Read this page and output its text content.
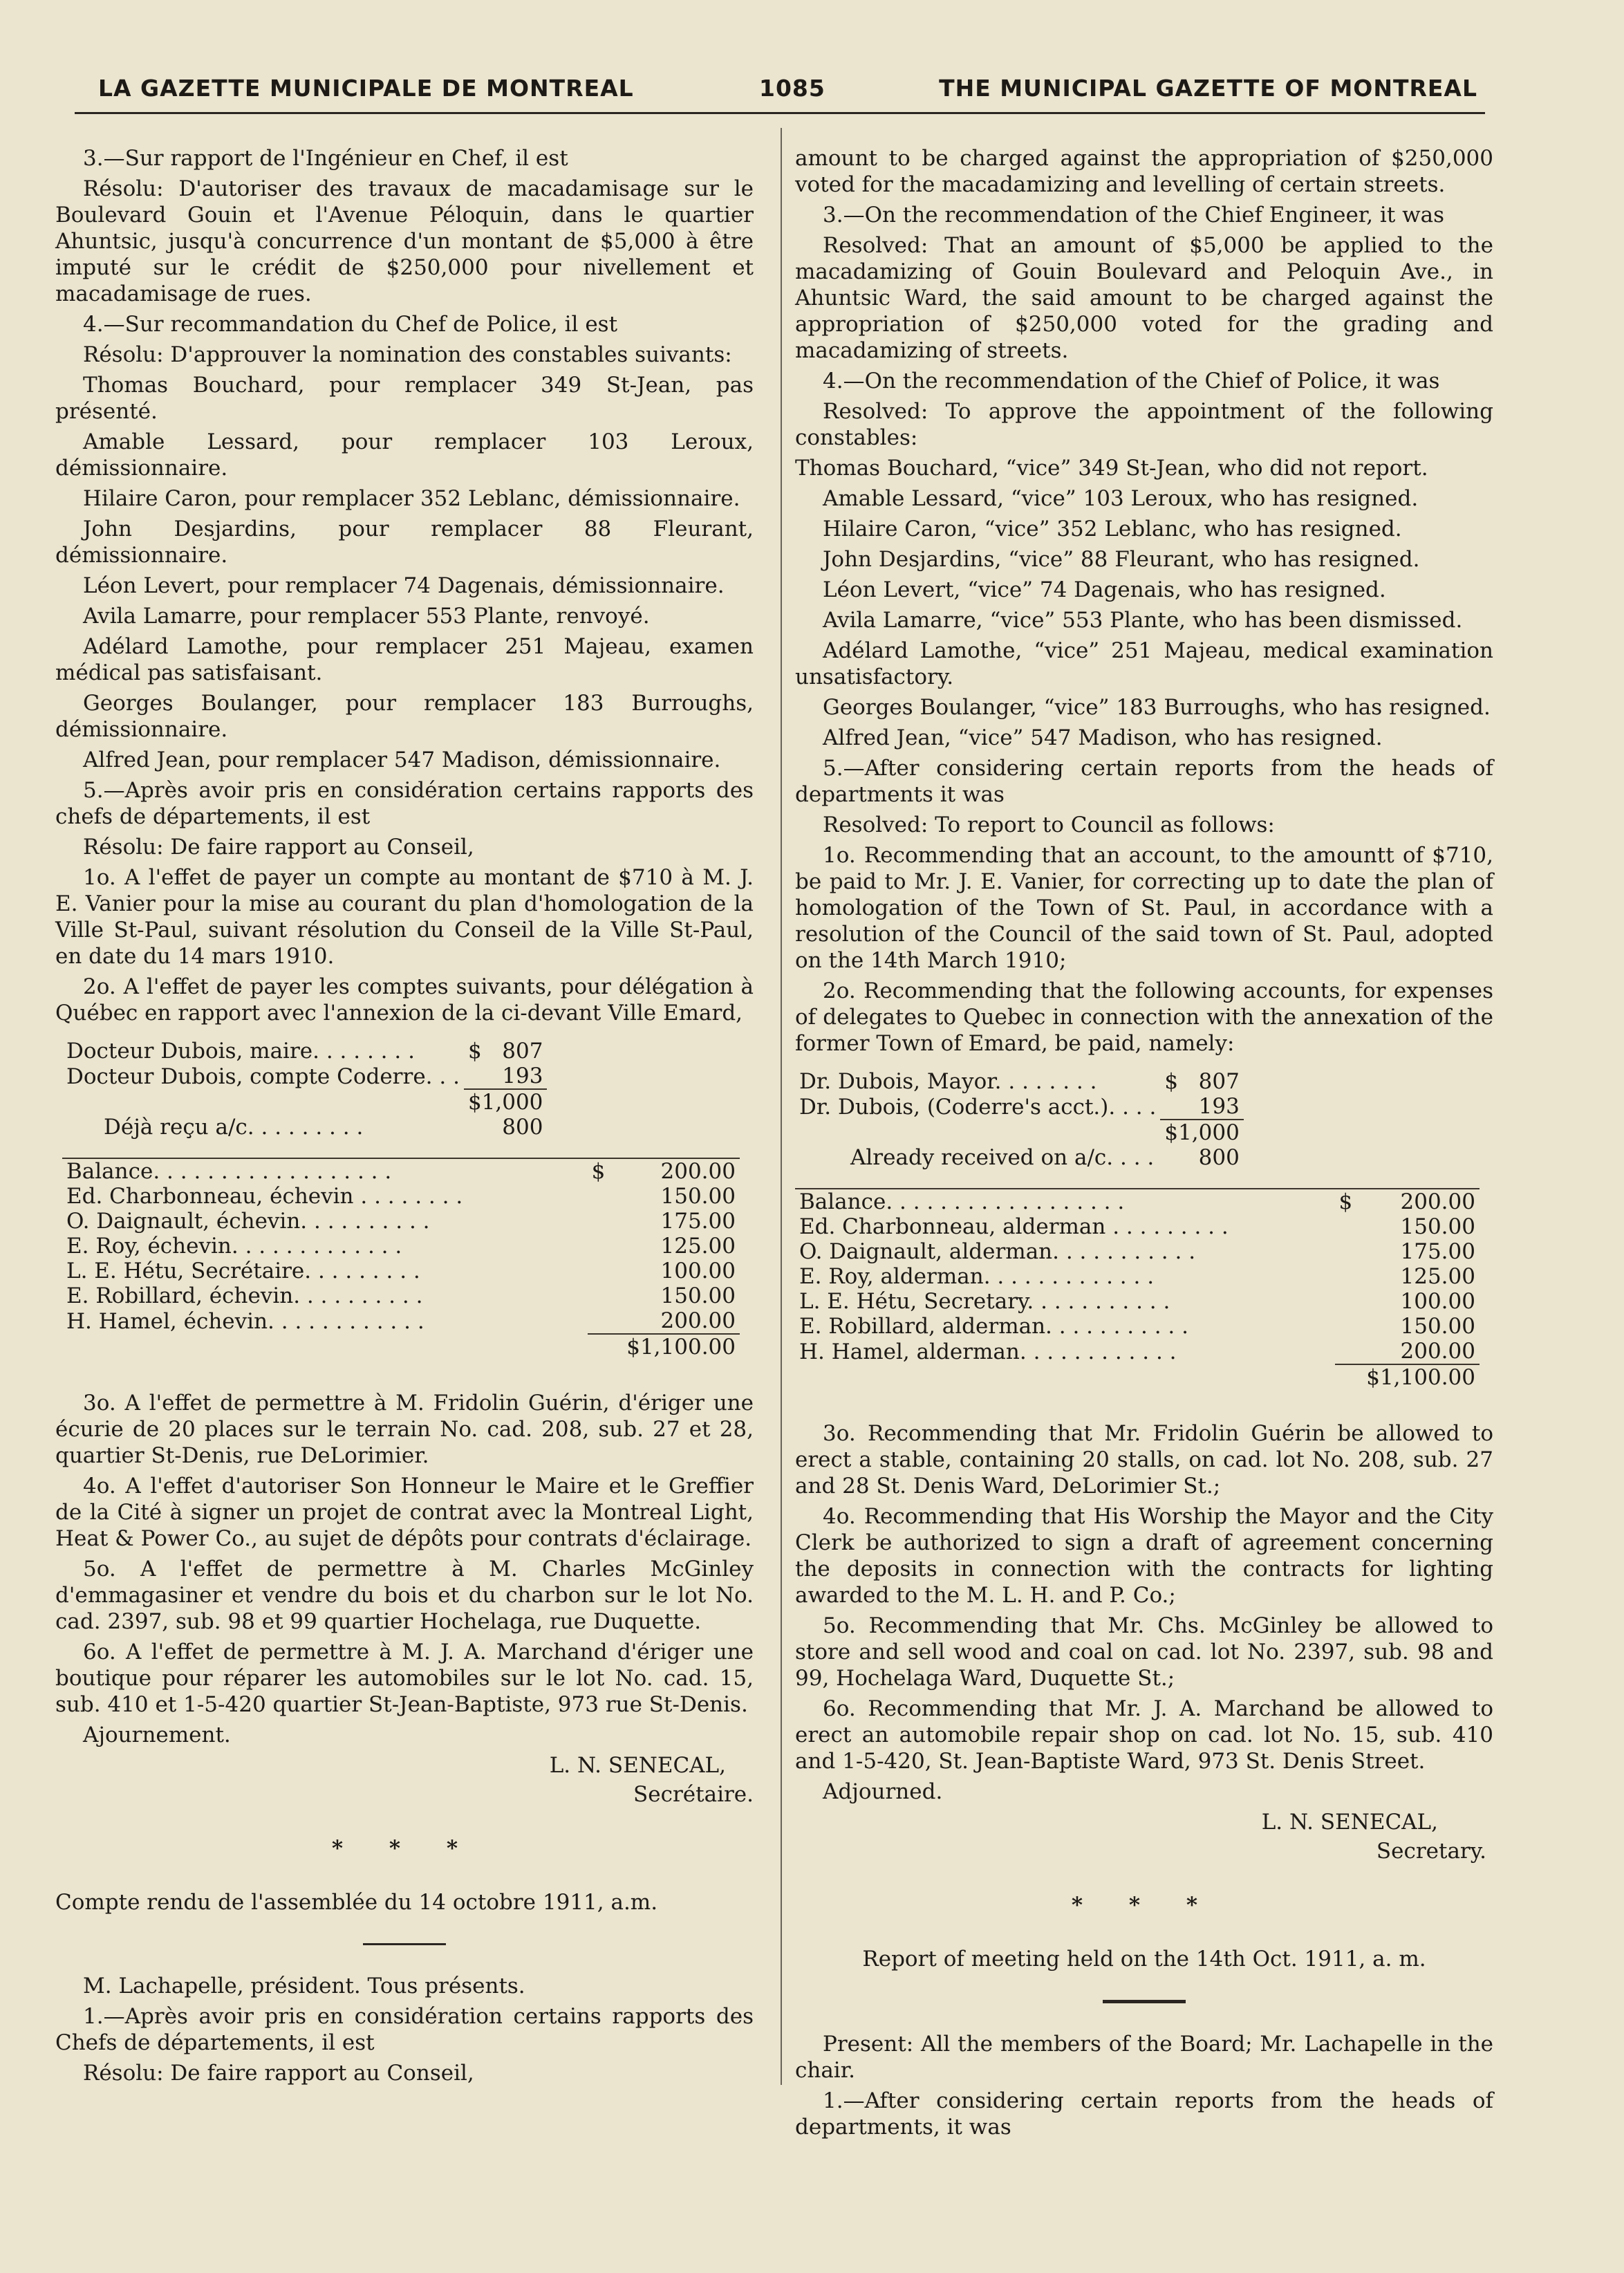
LA GAZETTE MUNICIPALE DE MONTREAL	1085	THE MUNICIPAL GAZETTE OF MONTREAL

3.—Sur rapport de l'Ingénieur en Chef, il est

Résolu: D'autoriser des travaux de macadamisage sur le Boulevard Gouin et l'Avenue Péloquin, dans le quartier Ahuntsic, jusqu'à concurrence d'un montant de $5,000 à être imputé sur le crédit de $250,000 pour nivellement et macadamisage de rues.

4.—Sur recommandation du Chef de Police, il est

Résolu: D'approuver la nomination des constables suivants:

Thomas Bouchard, pour remplacer 349 St-Jean, pas présenté.

Amable Lessard, pour remplacer 103 Leroux, démissionnaire.

Hilaire Caron, pour remplacer 352 Leblanc, démissionnaire.

John Desjardins, pour remplacer 88 Fleurant, démissionnaire.

Léon Levert, pour remplacer 74 Dagenais, démissionnaire.

Avila Lamarre, pour remplacer 553 Plante, renvoyé.

Adélard Lamothe, pour remplacer 251 Majeau, examen médical pas satisfaisant.

Georges Boulanger, pour remplacer 183 Burroughs, démissionnaire.

Alfred Jean, pour remplacer 547 Madison, démissionnaire.

5.—Après avoir pris en considération certains rapports des chefs de départements, il est

Résolu: De faire rapport au Conseil,

1o. A l'effet de payer un compte au montant de $710 à M. J. E. Vanier pour la mise au courant du plan d'homologation de la Ville St-Paul, suivant résolution du Conseil de la Ville St-Paul, en date du 14 mars 1910.

2o. A l'effet de payer les comptes suivants, pour délégation à Québec en rapport avec l'annexion de la ci-devant Ville Emard,

Docteur Dubois, maire. . . . . . . .	$	807
Docteur Dubois, compte Coderre. . .		193
	$1,000	
Déjà reçu a/c. . . . . . . . .		800
Balance. . . . . . . . . . . . . . . . . .	$	200.00
Ed. Charbonneau, échevin . . . . . . . .		150.00
O. Daignault, échevin. . . . . . . . . .		175.00
E. Roy, échevin. . . . . . . . . . . . .		125.00
L. E. Hétu, Secrétaire. . . . . . . . .		100.00
E. Robillard, échevin. . . . . . . . . .		150.00
H. Hamel, échevin. . . . . . . . . . . .		200.00
	$1,100.00	

3o. A l'effet de permettre à M. Fridolin Guérin, d'ériger une écurie de 20 places sur le terrain No. cad. 208, sub. 27 et 28, quartier St-Denis, rue DeLorimier.

4o. A l'effet d'autoriser Son Honneur le Maire et le Greffier de la Cité à signer un projet de contrat avec la Montreal Light, Heat & Power Co., au sujet de dépôts pour contrats d'éclairage.

5o. A l'effet de permettre à M. Charles McGinley d'emmagasiner et vendre du bois et du charbon sur le lot No. cad. 2397, sub. 98 et 99 quartier Hochelaga, rue Duquette.

6o. A l'effet de permettre à M. J. A. Marchand d'ériger une boutique pour réparer les automobiles sur le lot No. cad. 15, sub. 410 et 1-5-420 quartier St-Jean-Baptiste, 973 rue St-Denis.

Ajournement.

L. N. SENECAL,
Secrétaire.
* * *

Compte rendu de l'assemblée du 14 octobre 1911, a.m.

M. Lachapelle, président. Tous présents.

1.—Après avoir pris en considération certains rapports des Chefs de départements, il est

Résolu: De faire rapport au Conseil,

amount to be charged against the appropriation of $250,000 voted for the macadamizing and levelling of certain streets.

3.—On the recommendation of the Chief Engineer, it was

Resolved: That an amount of $5,000 be applied to the macadamizing of Gouin Boulevard and Peloquin Ave., in Ahuntsic Ward, the said amount to be charged against the appropriation of $250,000 voted for the grading and macadamizing of streets.

4.—On the recommendation of the Chief of Police, it was

Resolved: To approve the appointment of the following constables:

Thomas Bouchard, “vice” 349 St-Jean, who did not report.

Amable Lessard, “vice” 103 Leroux, who has resigned.

Hilaire Caron, “vice” 352 Leblanc, who has resigned.

John Desjardins, “vice” 88 Fleurant, who has resigned.

Léon Levert, “vice” 74 Dagenais, who has resigned.

Avila Lamarre, “vice” 553 Plante, who has been dismissed.

Adélard Lamothe, “vice” 251 Majeau, medical examination unsatisfactory.

Georges Boulanger, “vice” 183 Burroughs, who has resigned.

Alfred Jean, “vice” 547 Madison, who has resigned.

5.—After considering certain reports from the heads of departments it was

Resolved: To report to Council as follows:

1o. Recommending that an account, to the amountt of $710, be paid to Mr. J. E. Vanier, for correcting up to date the plan of homologation of the Town of St. Paul, in accordance with a resolution of the Council of the said town of St. Paul, adopted on the 14th March 1910;

2o. Recommending that the following accounts, for expenses of delegates to Quebec in connection with the annexation of the former Town of Emard, be paid, namely:

Dr. Dubois, Mayor. . . . . . . .	$	807
Dr. Dubois, (Coderre's acct.). . . .		193
	$1,000	
Already received on a/c. . . .		800
Balance. . . . . . . . . . . . . . . . . .	$	200.00
Ed. Charbonneau, alderman . . . . . . . . .		150.00
O. Daignault, alderman. . . . . . . . . . .		175.00
E. Roy, alderman. . . . . . . . . . . . .		125.00
L. E. Hétu, Secretary. . . . . . . . . . .		100.00
E. Robillard, alderman. . . . . . . . . . .		150.00
H. Hamel, alderman. . . . . . . . . . . .		200.00
	$1,100.00	

3o. Recommending that Mr. Fridolin Guérin be allowed to erect a stable, containing 20 stalls, on cad. lot No. 208, sub. 27 and 28 St. Denis Ward, DeLorimier St.;

4o. Recommending that His Worship the Mayor and the City Clerk be authorized to sign a draft of agreement concerning the deposits in connection with the contracts for lighting awarded to the M. L. H. and P. Co.;

5o. Recommending that Mr. Chs. McGinley be allowed to store and sell wood and coal on cad. lot No. 2397, sub. 98 and 99, Hochelaga Ward, Duquette St.;

6o. Recommending that Mr. J. A. Marchand be allowed to erect an automobile repair shop on cad. lot No. 15, sub. 410 and 1-5-420, St. Jean-Baptiste Ward, 973 St. Denis Street.

Adjourned.

L. N. SENECAL,
Secretary.
* * *

Report of meeting held on the 14th Oct. 1911, a. m.

Present: All the members of the Board; Mr. Lachapelle in the chair.

1.—After considering certain reports from the heads of departments, it was
